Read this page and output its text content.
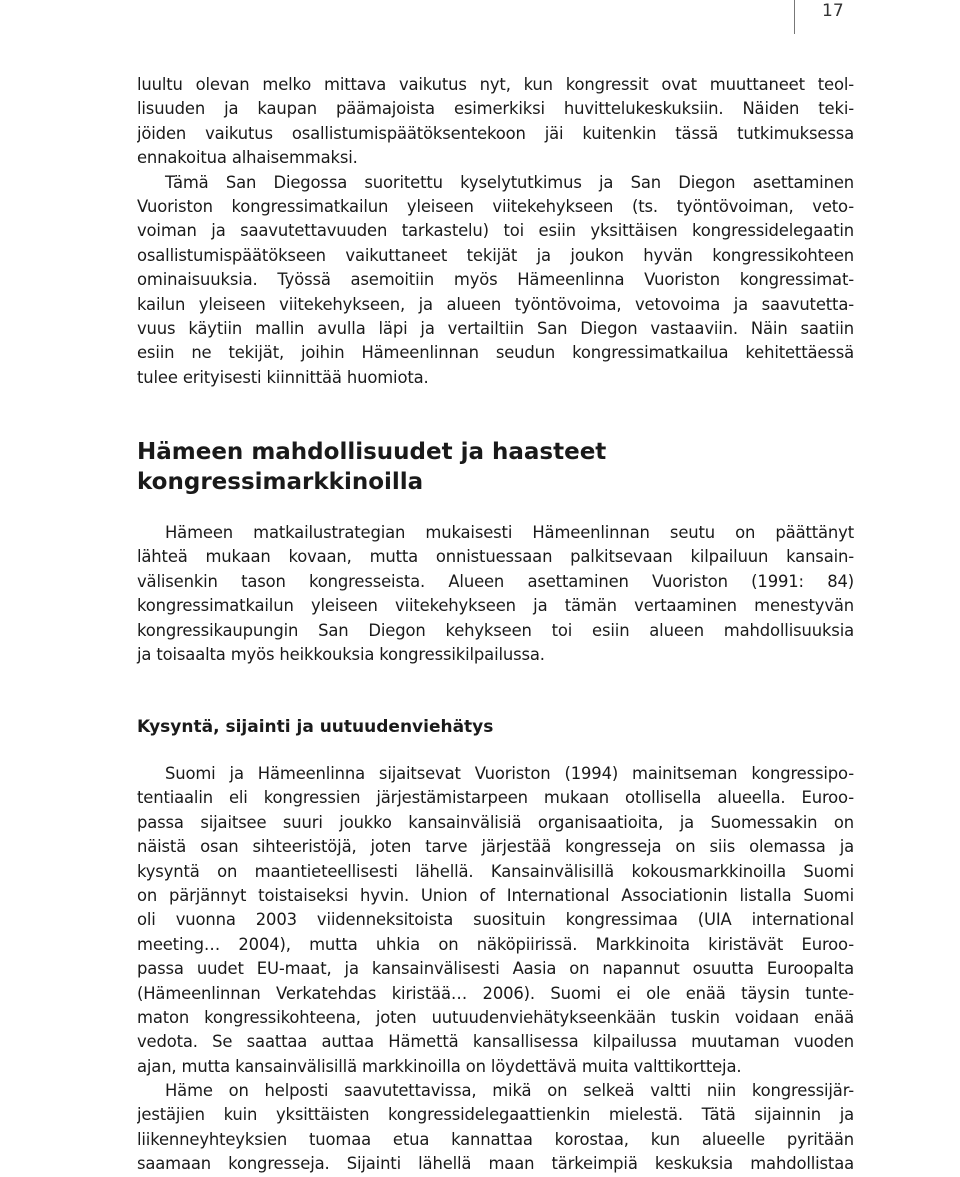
17
luultu olevan melko mittava vaikutus nyt, kun kongressit ovat muuttaneet teol-
lisuuden ja kaupan päämajoista esimerkiksi huvittelukeskuksiin. Näiden teki-
jöiden vaikutus osallistumispäätöksentekoon jäi kuitenkin tässä tutkimuksessa
ennakoitua alhaisemmaksi.
Tämä San Diegossa suoritettu kyselytutkimus ja San Diegon asettaminen
Vuoriston kongressimatkailun yleiseen viitekehykseen (ts. työntövoiman, veto-
voiman ja saavutettavuuden tarkastelu) toi esiin yksittäisen kongressidelegaatin
osallistumispäätökseen vaikuttaneet tekijät ja joukon hyvän kongressikohteen
ominaisuuksia. Työssä asemoitiin myös Hämeenlinna Vuoriston kongressimat-
kailun yleiseen viitekehykseen, ja alueen työntövoima, vetovoima ja saavutetta-
vuus käytiin mallin avulla läpi ja vertailtiin San Diegon vastaaviin. Näin saatiin
esiin ne tekijät, joihin Hämeenlinnan seudun kongressimatkailua kehitettäessä
tulee erityisesti kiinnittää huomiota.
Hämeen mahdollisuudet ja haasteet
kongressimarkkinoilla
Hämeen matkailustrategian mukaisesti Hämeenlinnan seutu on päättänyt
lähteä mukaan kovaan, mutta onnistuessaan palkitsevaan kilpailuun kansain-
välisenkin tason kongresseista. Alueen asettaminen Vuoriston (1991: 84)
kongressimatkailun yleiseen viitekehykseen ja tämän vertaaminen menestyvän
kongressikaupungin San Diegon kehykseen toi esiin alueen mahdollisuuksia
ja toisaalta myös heikkouksia kongressikilpailussa.
Kysyntä, sijainti ja uutuudenviehätys
Suomi ja Hämeenlinna sijaitsevat Vuoriston (1994) mainitseman kongressipo-
tentiaalin eli kongressien järjestämistarpeen mukaan otollisella alueella. Euroo-
passa sijaitsee suuri joukko kansainvälisiä organisaatioita, ja Suomessakin on
näistä osan sihteeristöjä, joten tarve järjestää kongresseja on siis olemassa ja
kysyntä on maantieteellisesti lähellä. Kansainvälisillä kokousmarkkinoilla Suomi
on pärjännyt toistaiseksi hyvin. Union of International Associationin listalla Suomi
oli vuonna 2003 viidenneksitoista suosituin kongressimaa (UIA international
meeting… 2004), mutta uhkia on näköpiirissä. Markkinoita kiristävät Euroo-
passa uudet EU-maat, ja kansainvälisesti Aasia on napannut osuutta Euroopalta
(Hämeenlinnan Verkatehdas kiristää… 2006). Suomi ei ole enää täysin tunte-
maton kongressikohteena, joten uutuudenviehätykseenkään tuskin voidaan enää
vedota. Se saattaa auttaa Hämettä kansallisessa kilpailussa muutaman vuoden
ajan, mutta kansainvälisillä markkinoilla on löydettävä muita valttikortteja.
Häme on helposti saavutettavissa, mikä on selkeä valtti niin kongressijär-
jestäjien kuin yksittäisten kongressidelegaattienkin mielestä. Tätä sijainnin ja
liikenneyhteyksien tuomaa etua kannattaa korostaa, kun alueelle pyritään
saamaan kongresseja. Sijainti lähellä maan tärkeimpiä keskuksia mahdollistaa
